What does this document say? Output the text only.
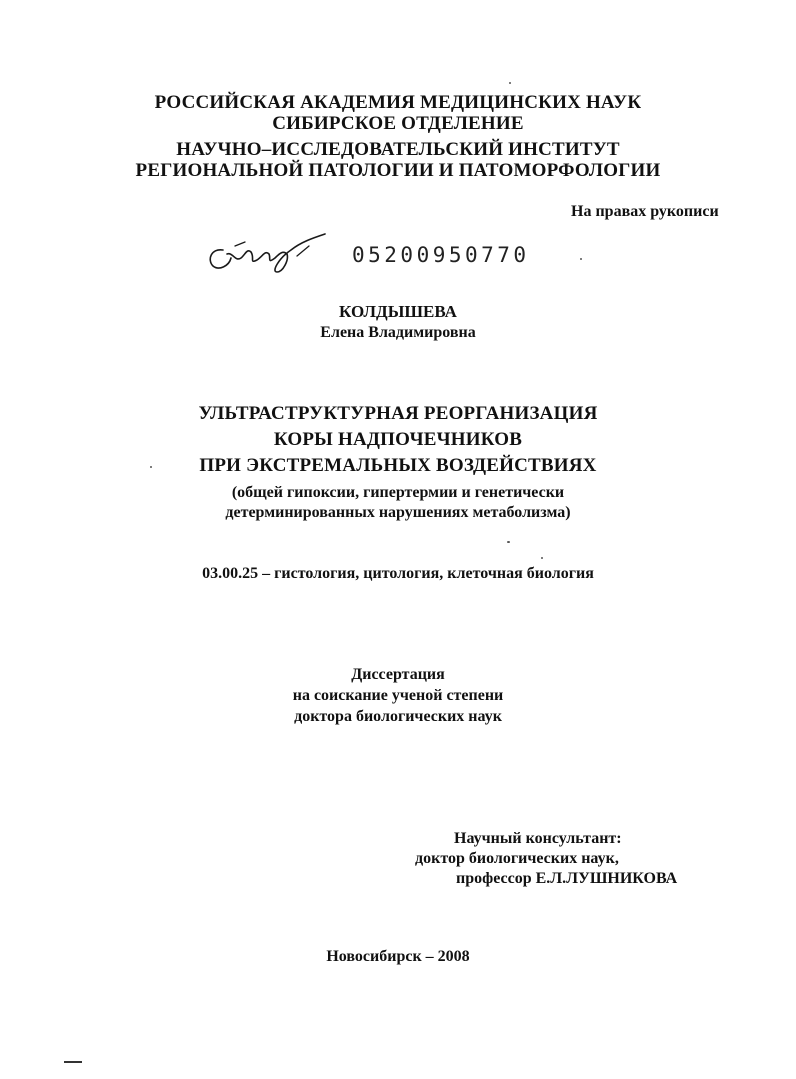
РОССИЙСКАЯ АКАДЕМИЯ МЕДИЦИНСКИХ НАУК

СИБИРСКОЕ ОТДЕЛЕНИЕ

НАУЧНО–ИССЛЕДОВАТЕЛЬСКИЙ ИНСТИТУТ

РЕГИОНАЛЬНОЙ ПАТОЛОГИИ И ПАТОМОРФОЛОГИИ

На правах рукописи
05200950770

КОЛДЫШЕВА

Елена Владимировна

УЛЬТРАСТРУКТУРНАЯ РЕОРГАНИЗАЦИЯ

КОРЫ НАДПОЧЕЧНИКОВ

ПРИ ЭКСТРЕМАЛЬНЫХ ВОЗДЕЙСТВИЯХ

(общей гипоксии, гипертермии и генетически

детерминированных нарушениях метаболизма)

03.00.25 – гистология, цитология, клеточная биология

Диссертация

на соискание ученой степени

доктора биологических наук

Научный консультант:
доктор биологических наук,
профессор Е.Л.ЛУШНИКОВА

Новосибирск – 2008
